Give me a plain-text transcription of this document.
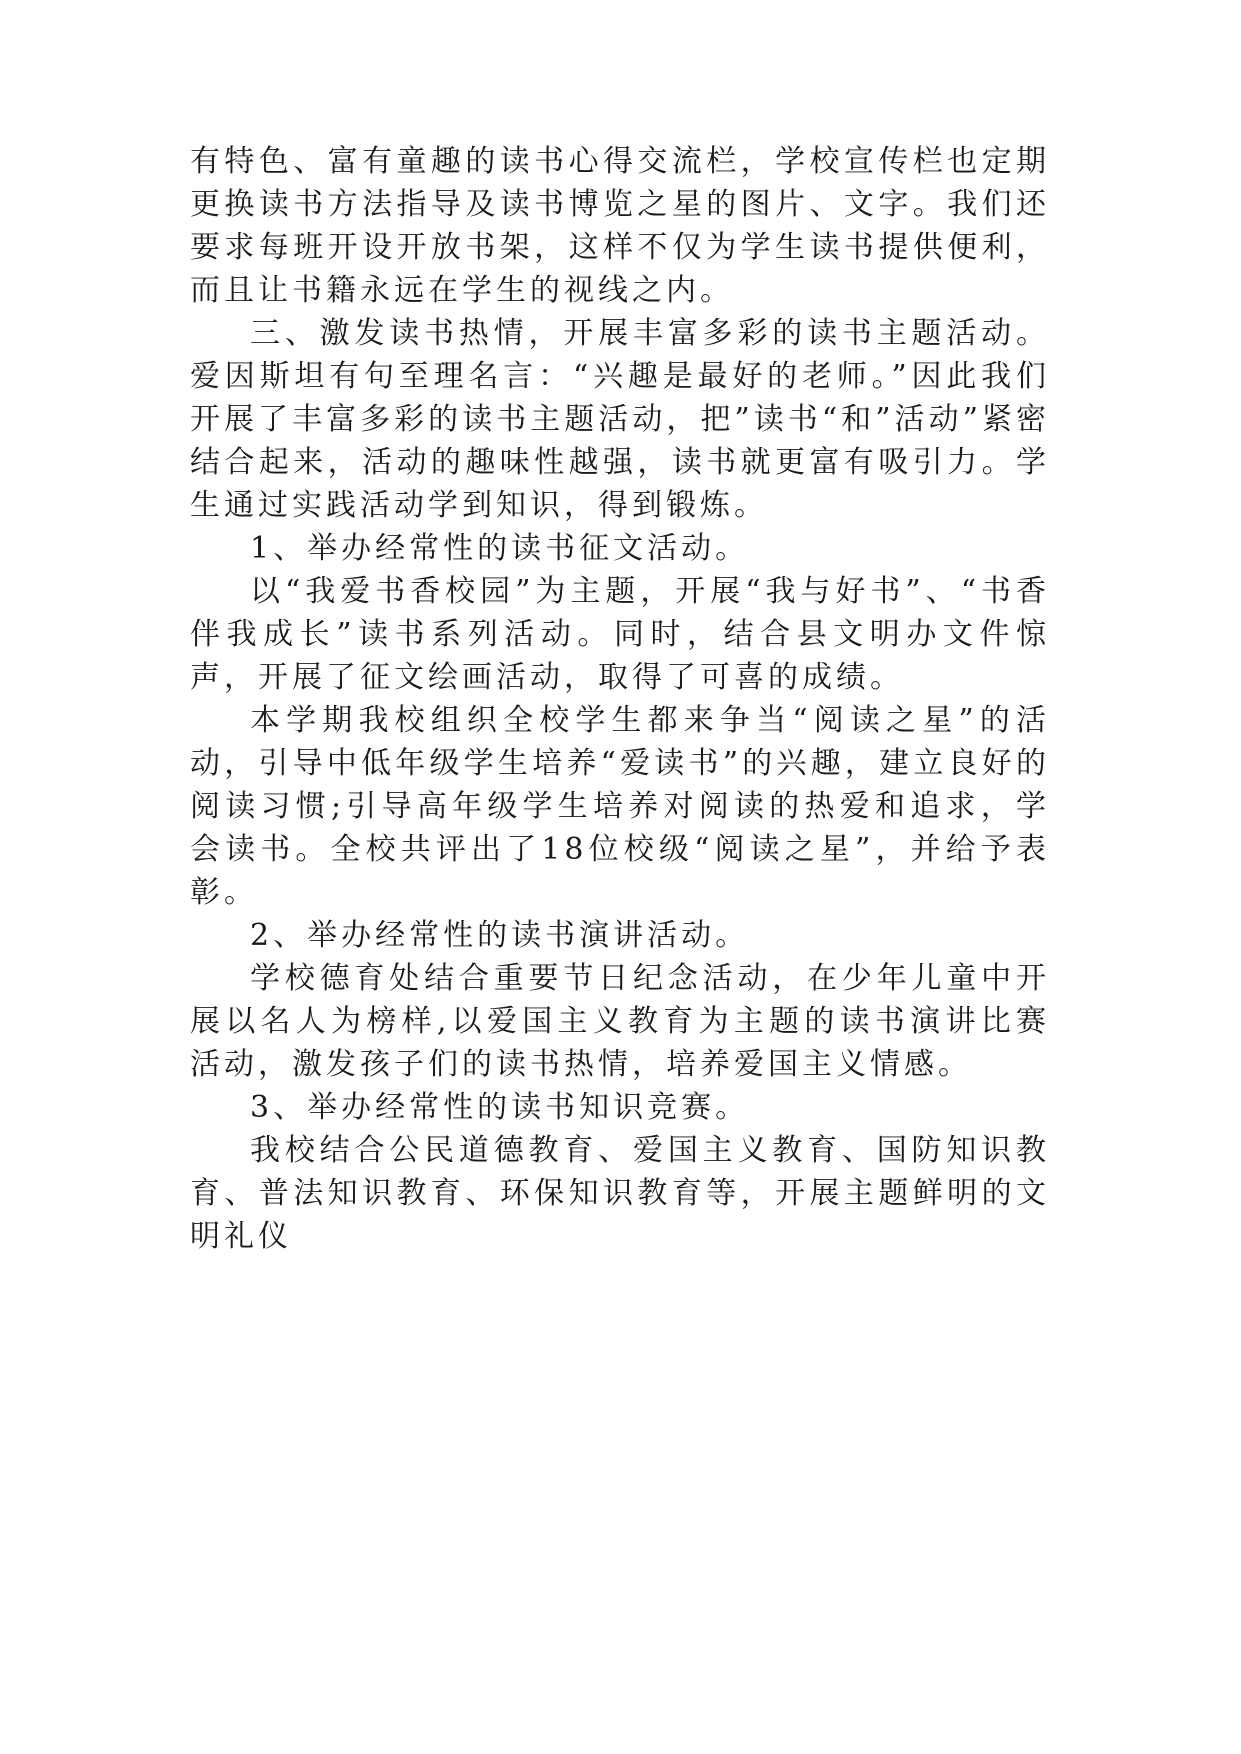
有特色、富有童趣的读书心得交流栏，学校宣传栏也定期更换读书方法指导及读书博览之星的图片、文字。我们还要求每班开设开放书架，这样不仅为学生读书提供便利，而且让书籍永远在学生的视线之内。

三、激发读书热情，开展丰富多彩的读书主题活动。爱因斯坦有句至理名言：“兴趣是最好的老师。”因此我们开展了丰富多彩的读书主题活动，把”读书“和”活动”紧密结合起来，活动的趣味性越强，读书就更富有吸引力。学生通过实践活动学到知识，得到锻炼。

1、举办经常性的读书征文活动。

以“我爱书香校园”为主题，开展“我与好书”、“书香伴我成长”读书系列活动。同时，结合县文明办文件惊声，开展了征文绘画活动，取得了可喜的成绩。

本学期我校组织全校学生都来争当“阅读之星”的活动，引导中低年级学生培养“爱读书”的兴趣，建立良好的阅读习惯;引导高年级学生培养对阅读的热爱和追求，学会读书。全校共评出了18位校级“阅读之星”，并给予表彰。

2、举办经常性的读书演讲活动。

学校德育处结合重要节日纪念活动，在少年儿童中开展以名人为榜样,以爱国主义教育为主题的读书演讲比赛活动，激发孩子们的读书热情，培养爱国主义情感。

3、举办经常性的读书知识竞赛。

我校结合公民道德教育、爱国主义教育、国防知识教育、普法知识教育、环保知识教育等，开展主题鲜明的文明礼仪
